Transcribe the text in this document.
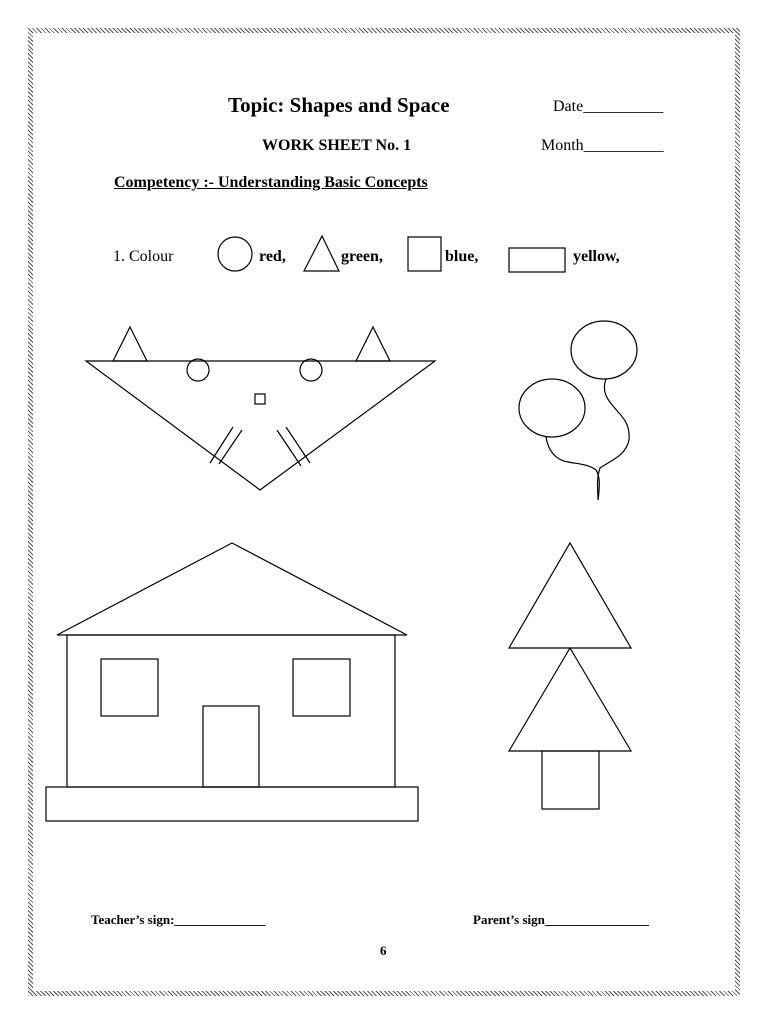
Topic: Shapes and Space	Date__________
WORK SHEET No. 1	Month__________
Competency :- Understanding Basic Concepts
1. Colour	red,	green,	blue,	yellow,
Teacher’s sign:______________	Parent’s sign________________
6
